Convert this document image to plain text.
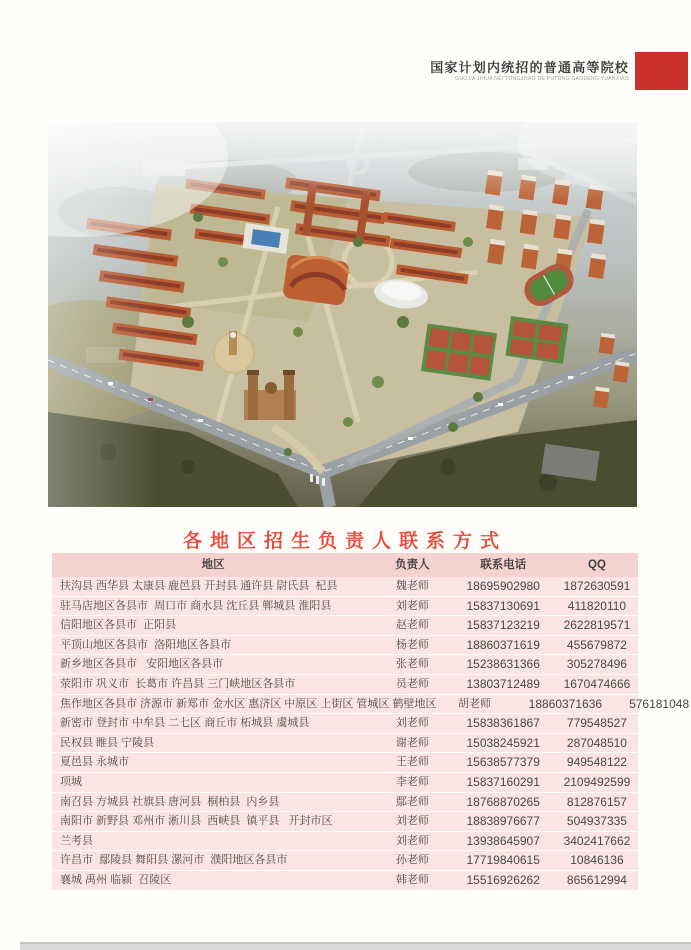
国家计划内统招的普通高等院校
GUOJIA JIHUA NEI TONGZHAO DE PUTONG GAODENG YUANXIAO
各地区招生负责人联系方式
地区	负责人	联系电话	QQ
扶沟县 西华县 太康县 鹿邑县 开封县 通许县 尉氏县  杞县	魏老师	18695902980	1872630591
驻马店地区各县市  周口市 商水县 沈丘县 郸城县 淮阳县	刘老师	15837130691	411820110
信阳地区各县市  正阳县	赵老师	15837123219	2622819571
平顶山地区各县市  洛阳地区各县市	杨老师	18860371619	455679872
新乡地区各县市   安阳地区各县市	张老师	15238631366	305278496
荥阳市 巩义市  长葛市 许昌县 三门峡地区各县市	员老师	13803712489	1670474666
焦作地区各县市 济源市 新郑市 金水区 惠济区 中原区 上街区 管城区 鹤壁地区	胡老师	18860371636	576181048
新密市 登封市 中牟县 二七区 商丘市 柘城县 虞城县	刘老师	15838361867	779548527
民权县 睢县 宁陵县	谢老师	15038245921	287048510
夏邑县 永城市	王老师	15638577379	949548122
项城	李老师	15837160291	2109492599
南召县 方城县 社旗县 唐河县  桐柏县  内乡县	鄢老师	18768870265	812876157
南阳市 新野县 邓州市 淅川县  西峡县  镇平县   开封市区	刘老师	18838976677	504937335
兰考县	刘老师	13938645907	3402417662
许昌市  鄢陵县 舞阳县 漯河市  濮阳地区各县市	孙老师	17719840615	10846136
襄城 禹州 临颍  召陵区	韩老师	15516926262	865612994
